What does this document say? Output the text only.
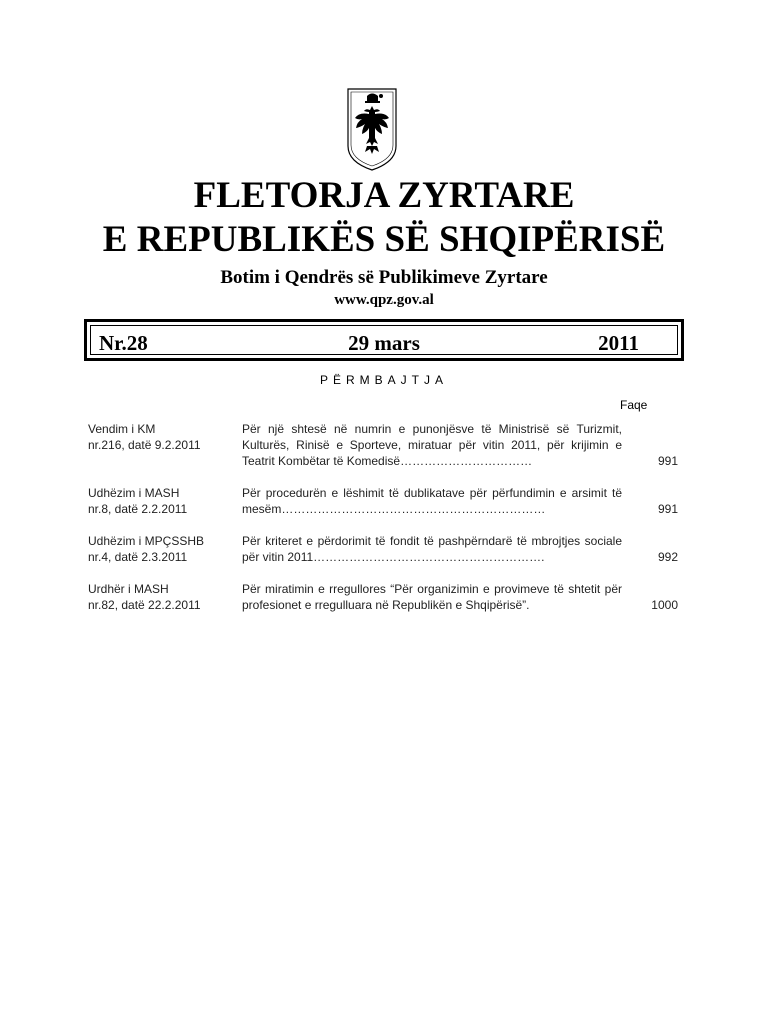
FLETORJA ZYRTARE
E REPUBLIKËS SË SHQIPËRISË
Botim i Qendrës së Publikimeve Zyrtare
www.qpz.gov.al
Nr.28	29 mars	2011
PËRMBAJTJA
Faqe
Vendim i KM
nr.216, datë 9.2.2011
Për një shtesë në numrin e punonjësve të Ministrisë së Turizmit, Kulturës, Rinisë e Sporteve, miratuar për vitin 2011, për krijimin e Teatrit Kombëtar të Komedisë……………………………	991
Udhëzim i MASH
nr.8, datë 2.2.2011
Për procedurën e lëshimit të dublikatave për përfundimin e arsimit të mesëm…………………………………………………………	991
Udhëzim i MPÇSSHB
nr.4, datë 2.3.2011
Për kriteret e përdorimit të fondit të pashpërndarë të mbrojtjes sociale për vitin 2011………………………………………………….	992
Urdhër i MASH
nr.82, datë 22.2.2011
Për miratimin e rregullores “Për organizimin e provimeve të shtetit për profesionet e rregulluara në Republikën e Shqipërisë”.	1000
